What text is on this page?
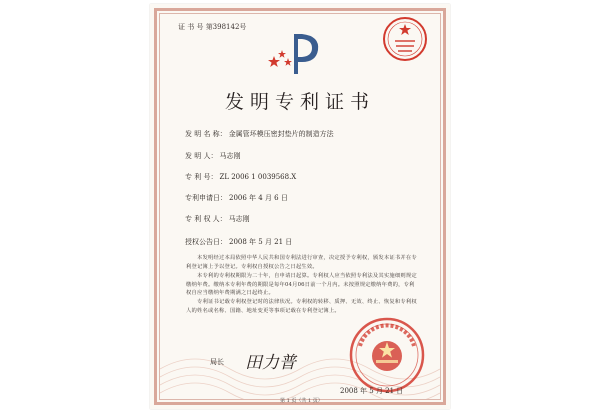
证 书 号 第398142号
发明专利证书
发 明 名 称： 金属管坏模压密封垫片的制造方法
发 明 人： 马志刚
专 利 号： ZL 2006 1 0039568.X
专利申请日： 2006 年 4 月 6 日
专 利 权 人： 马志刚
授权公告日： 2008 年 5 月 21 日
本发明经过本局依照中华人民共和国专利法进行审查，决定授予专利权，颁发本证书并在专利登记簿上予以登记。专利权自授权公告之日起生效。
本专利的专利权期限为二十年，自申请日起算。专利权人应当依照专利法及其实施细则规定缴纳年费。缴纳本专利年费的期限是每年04月06日前一个月内。未按照规定缴纳年费的，专利权自应当缴纳年费期满之日起终止。
专利证书记载专利权登记时的法律状况。专利权的转移、质押、无效、终止、恢复和专利权人的姓名或名称、国籍、地址变更等事项记载在专利登记簿上。
局长 田力普
2008 年 5 月 21 日
第 1 页（共 1 页）
